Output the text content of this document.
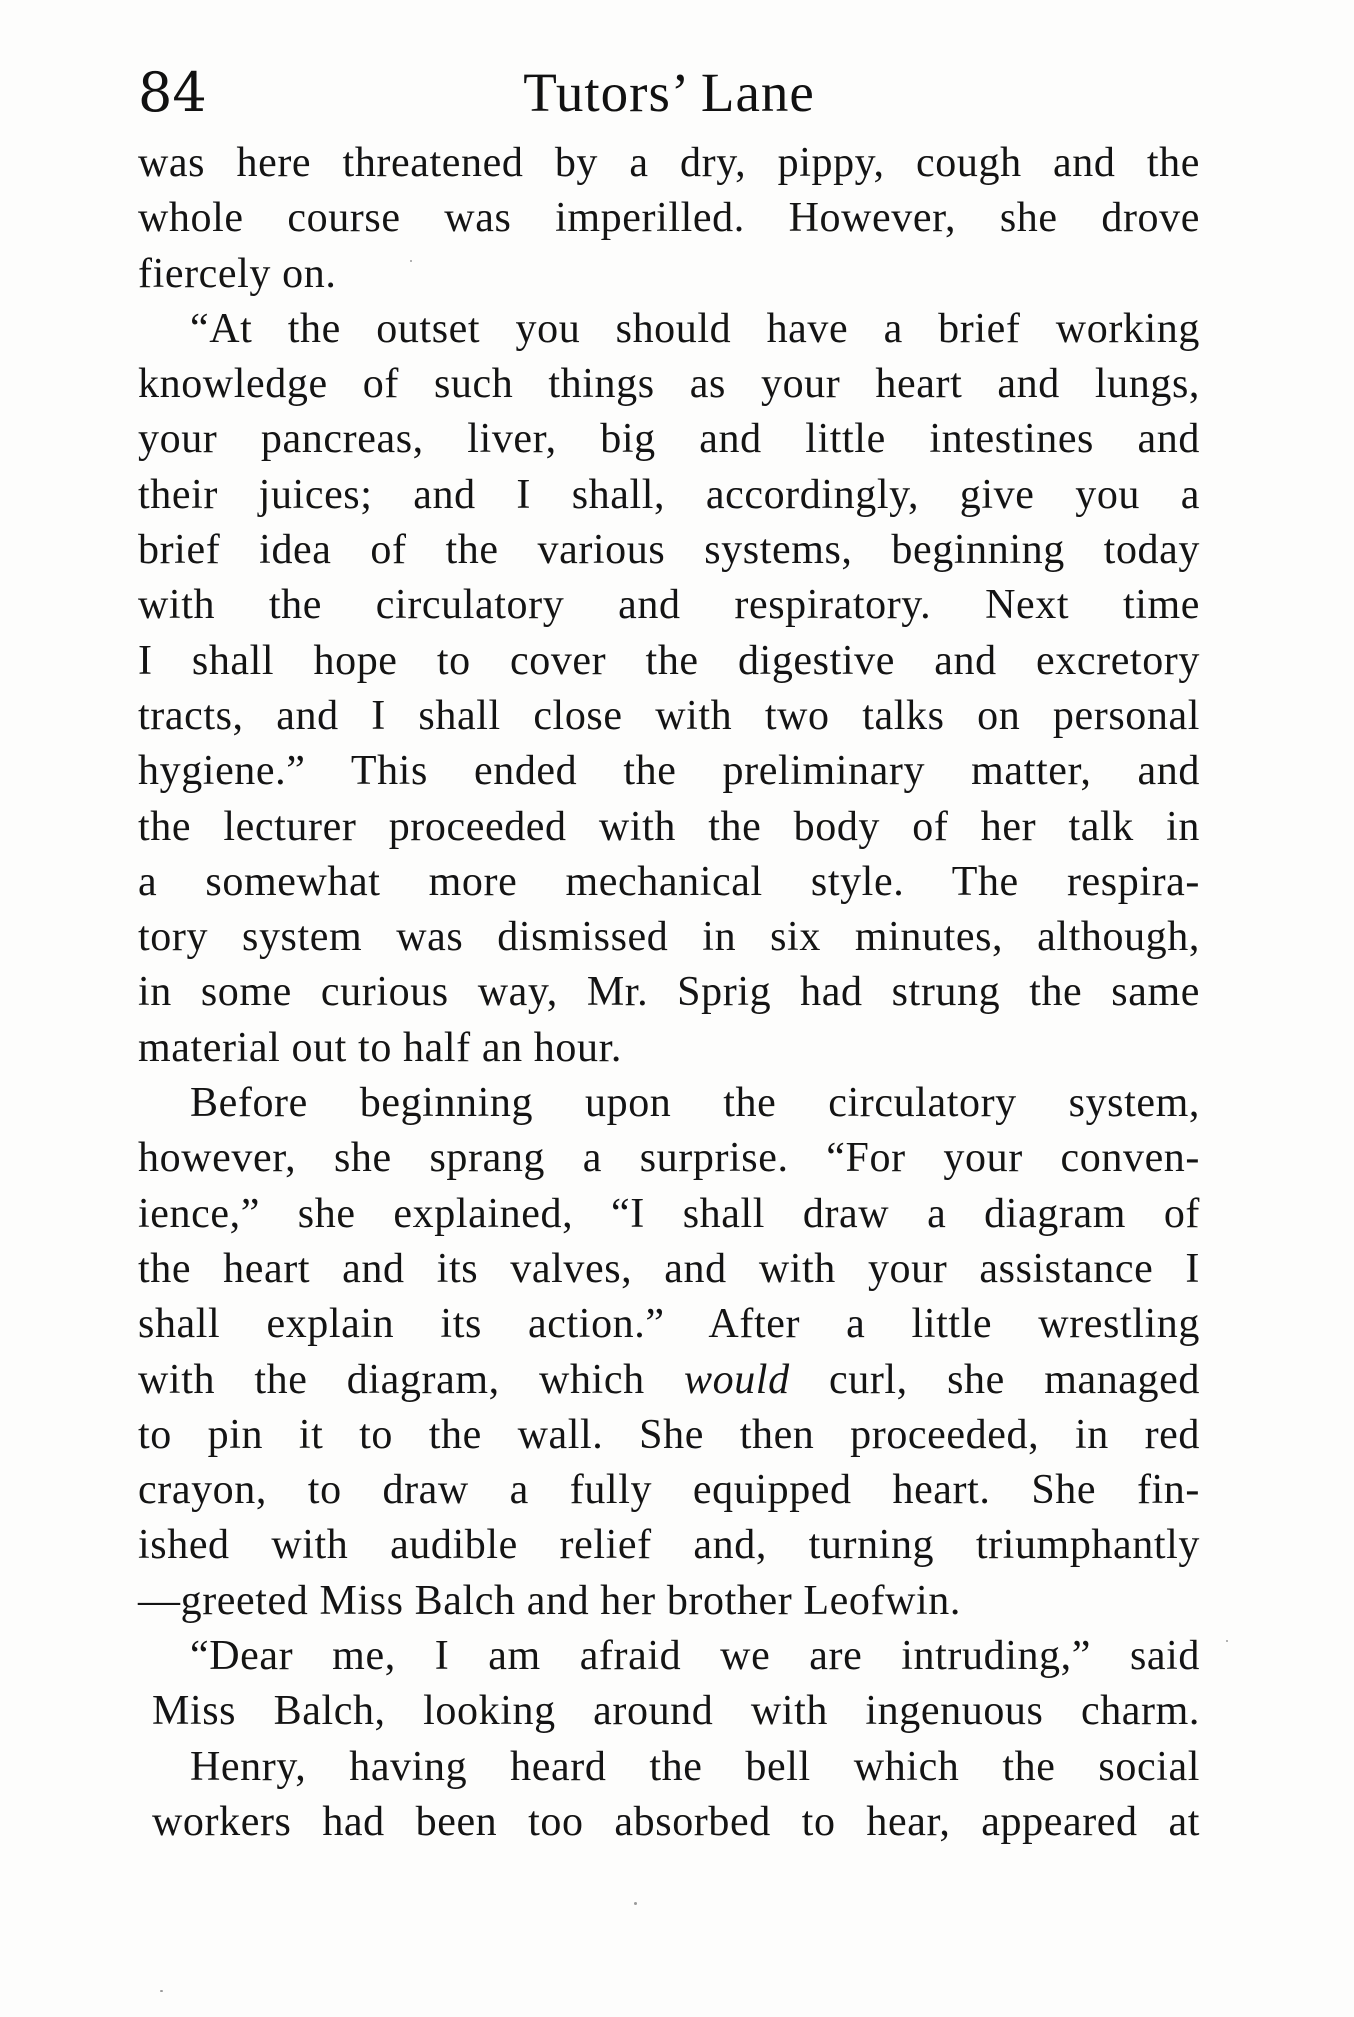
84	Tutors’ Lane
was here threatened by a dry, pippy, cough and the
whole course was imperilled. However, she drove
fiercely on.
“At the outset you should have a brief working
knowledge of such things as your heart and lungs,
your pancreas, liver, big and little intestines and
their juices; and I shall, accordingly, give you a
brief idea of the various systems, beginning today
with the circulatory and respiratory. Next time
I shall hope to cover the digestive and excretory
tracts, and I shall close with two talks on personal
hygiene.” This ended the preliminary matter, and
the lecturer proceeded with the body of her talk in
a somewhat more mechanical style. The respira-
tory system was dismissed in six minutes, although,
in some curious way, Mr. Sprig had strung the same
material out to half an hour.
Before beginning upon the circulatory system,
however, she sprang a surprise. “For your conven-
ience,” she explained, “I shall draw a diagram of
the heart and its valves, and with your assistance I
shall explain its action.” After a little wrestling
with the diagram, which would curl, she managed
to pin it to the wall. She then proceeded, in red
crayon, to draw a fully equipped heart. She fin-
ished with audible relief and, turning triumphantly
—greeted Miss Balch and her brother Leofwin.
“Dear me, I am afraid we are intruding,” said
Miss Balch, looking around with ingenuous charm.
Henry, having heard the bell which the social
workers had been too absorbed to hear, appeared at
